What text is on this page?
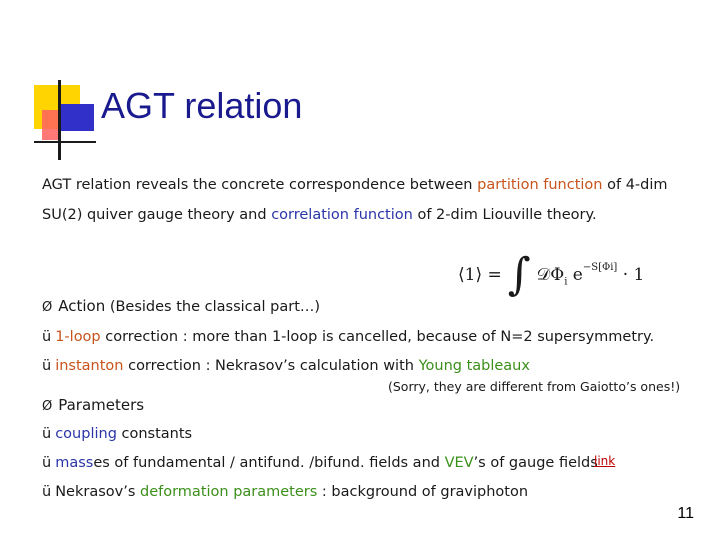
AGT relation
AGT relation reveals the concrete correspondence between partition function of 4-dim
SU(2) quiver gauge theory and correlation function of 2-dim Liouville theory.
⟨1⟩ = ∫ 𝒟Φ$_i$ $e^{-S[\Phi i]} \cdot 1$
Ø Action (Besides the classical part…)
ü 1-loop correction : more than 1-loop is cancelled, because of N=2 supersymmetry.
ü instanton correction : Nekrasov’s calculation with Young tableaux
(Sorry, they are different from Gaiotto’s ones!)
Ø Parameters
ü coupling constants
ü masses of fundamental / antifund. /bifund. fields and VEV’s of gauge fields
link
ü Nekrasov’s deformation parameters : background of graviphoton
11
